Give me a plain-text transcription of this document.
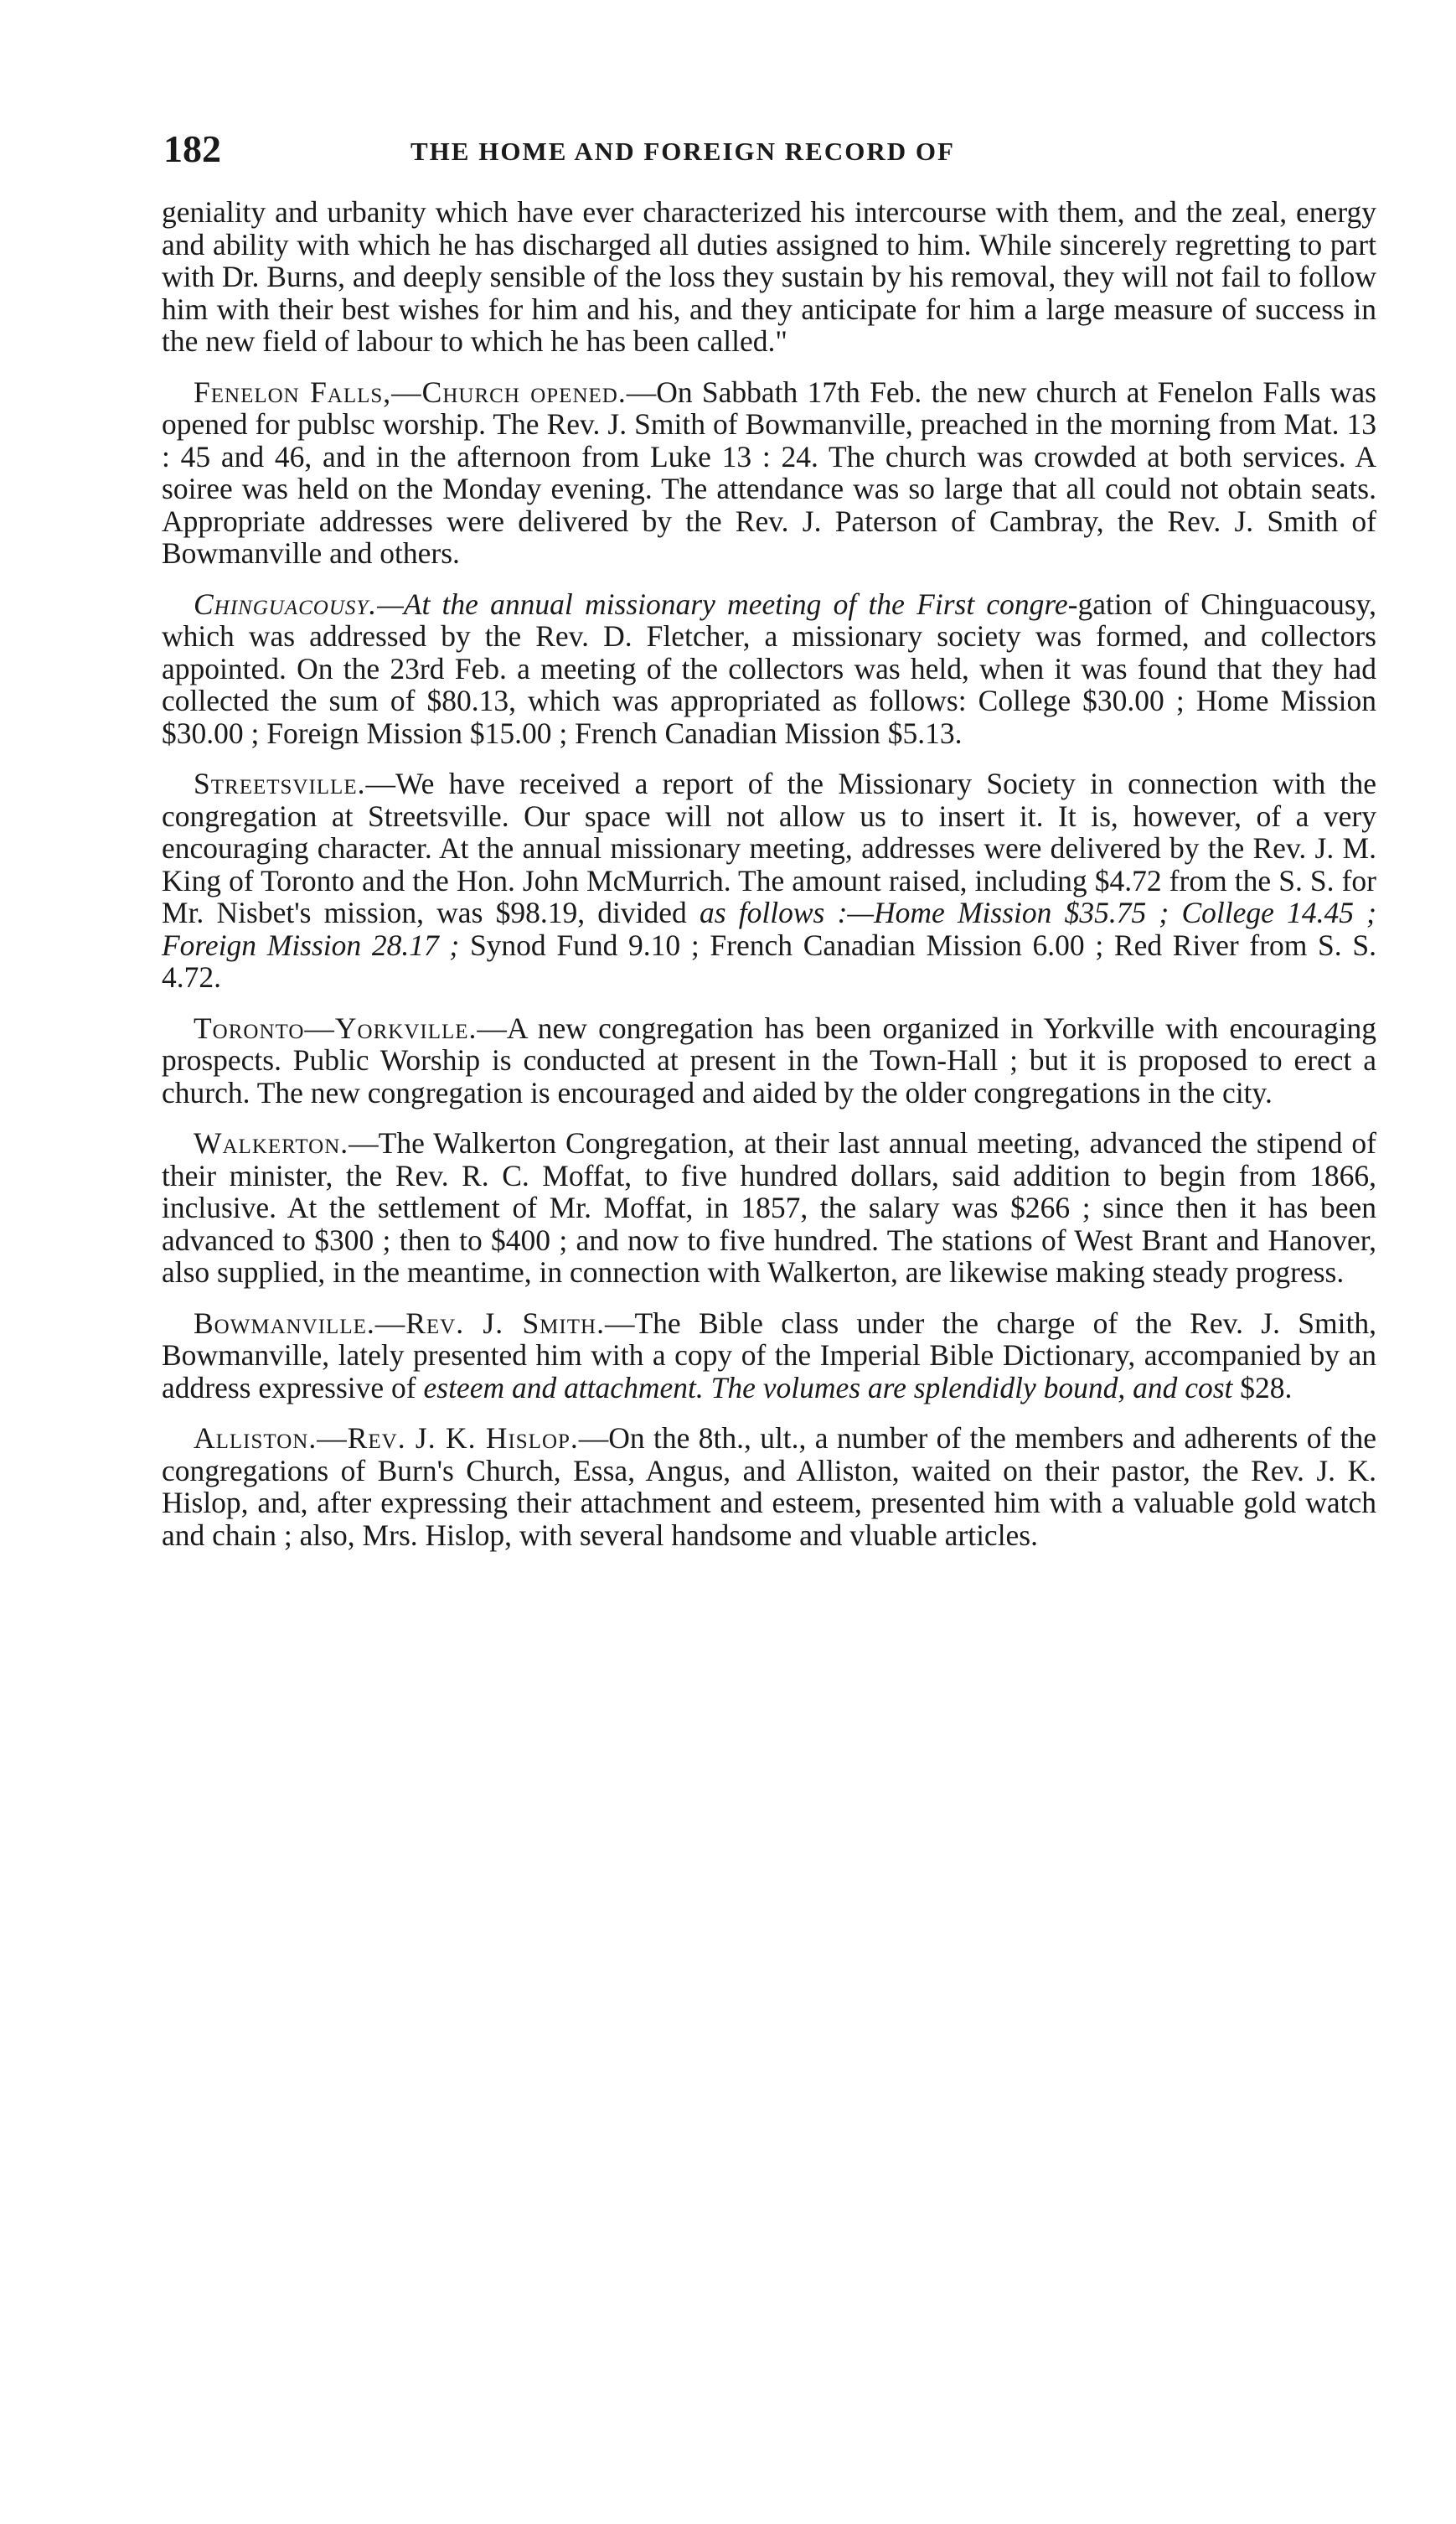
182	THE HOME AND FOREIGN RECORD OF

geniality and urbanity which have ever characterized his intercourse with them, and the zeal, energy and ability with which he has discharged all duties assigned to him. While sincerely regretting to part with Dr. Burns, and deeply sensible of the loss they sustain by his removal, they will not fail to follow him with their best wishes for him and his, and they anticipate for him a large measure of success in the new field of labour to which he has been called."

Fenelon Falls,—Church opened.—On Sabbath 17th Feb. the new church at Fenelon Falls was opened for publsc worship. The Rev. J. Smith of Bowmanville, preached in the morning from Mat. 13 : 45 and 46, and in the afternoon from Luke 13 : 24. The church was crowded at both services. A soiree was held on the Monday evening. The attendance was so large that all could not obtain seats. Appropriate addresses were delivered by the Rev. J. Paterson of Cambray, the Rev. J. Smith of Bowmanville and others.

Chinguacousy.—At the annual missionary meeting of the First congre-gation of Chinguacousy, which was addressed by the Rev. D. Fletcher, a missionary society was formed, and collectors appointed. On the 23rd Feb. a meeting of the collectors was held, when it was found that they had collected the sum of $80.13, which was appropriated as follows: College $30.00 ; Home Mission $30.00 ; Foreign Mission $15.00 ; French Canadian Mission $5.13.

Streetsville.—We have received a report of the Missionary Society in connection with the congregation at Streetsville. Our space will not allow us to insert it. It is, however, of a very encouraging character. At the annual missionary meeting, addresses were delivered by the Rev. J. M. King of Toronto and the Hon. John McMurrich. The amount raised, including $4.72 from the S. S. for Mr. Nisbet's mission, was $98.19, divided as follows :—Home Mission $35.75 ; College 14.45 ; Foreign Mission 28.17 ; Synod Fund 9.10 ; French Canadian Mission 6.00 ; Red River from S. S. 4.72.

Toronto—Yorkville.—A new congregation has been organized in Yorkville with encouraging prospects. Public Worship is conducted at present in the Town-Hall ; but it is proposed to erect a church. The new congregation is encouraged and aided by the older congregations in the city.

Walkerton.—The Walkerton Congregation, at their last annual meeting, advanced the stipend of their minister, the Rev. R. C. Moffat, to five hundred dollars, said addition to begin from 1866, inclusive. At the settlement of Mr. Moffat, in 1857, the salary was $266 ; since then it has been advanced to $300 ; then to $400 ; and now to five hundred. The stations of West Brant and Hanover, also supplied, in the meantime, in connection with Walkerton, are likewise making steady progress.

Bowmanville.—Rev. J. Smith.—The Bible class under the charge of the Rev. J. Smith, Bowmanville, lately presented him with a copy of the Imperial Bible Dictionary, accompanied by an address expressive of esteem and attachment. The volumes are splendidly bound, and cost $28.

Alliston.—Rev. J. K. Hislop.—On the 8th., ult., a number of the members and adherents of the congregations of Burn's Church, Essa, Angus, and Alliston, waited on their pastor, the Rev. J. K. Hislop, and, after expressing their attachment and esteem, presented him with a valuable gold watch and chain ; also, Mrs. Hislop, with several handsome and vluable articles.
